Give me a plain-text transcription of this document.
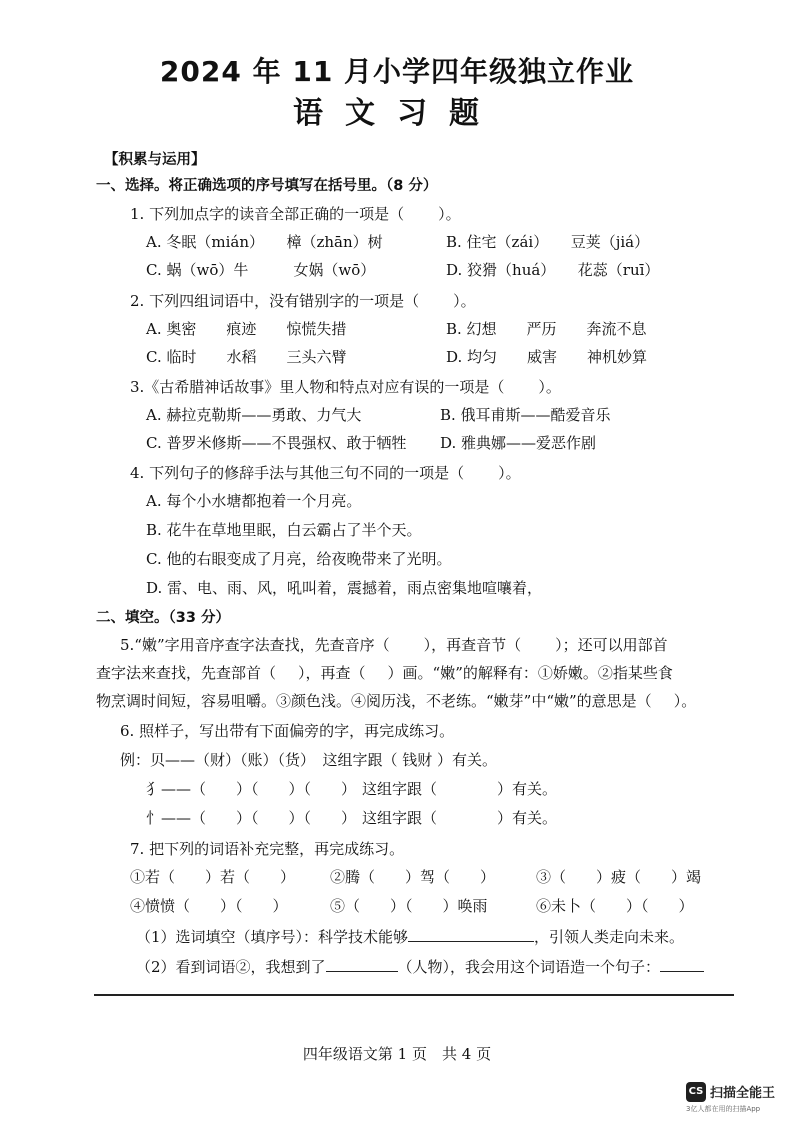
2024 年 11 月小学四年级独立作业
语文习题
【积累与运用】
一、选择。将正确选项的序号填写在括号里。（8 分）
1. 下列加点字的读音全部正确的一项是（ ）。
A. 冬眠（mián）　　樟（zhān）树	B. 住宅（zái）　　豆荚（jiá）
C. 蜗（wō）牛　　　女娲（wō）	D. 狡猾（huá）　　花蕊（ruī）
2. 下列四组词语中，没有错别字的一项是（ ）。
A. 奥密　　痕迹　　惊慌失措	B. 幻想　　严历　　奔流不息
C. 临时　　水稻　　三头六臂	D. 均匀　　威害　　神机妙算
3.《古希腊神话故事》里人物和特点对应有误的一项是（ ）。
A. 赫拉克勒斯——勇敢、力气大	B. 俄耳甫斯——酷爱音乐
C. 普罗米修斯——不畏强权、敢于牺牲 D. 雅典娜——爱恶作剧
4. 下列句子的修辞手法与其他三句不同的一项是（ ）。
A. 每个小水塘都抱着一个月亮。
B. 花牛在草地里眠，白云霸占了半个天。
C. 他的右眼变成了月亮，给夜晚带来了光明。
D. 雷、电、雨、风，吼叫着，震撼着，雨点密集地喧嚷着，
二、填空。（33 分）
5.“嫩”字用音序查字法查找，先查音序（ ），再查音节（ ）；还可以用部首
查字法来查找，先查部首（ ），再查（ ）画。“嫩”的解释有：①娇嫩。②指某些食
物烹调时间短，容易咀嚼。③颜色浅。④阅历浅，不老练。“嫩芽”中“嫩”的意思是（ ）。
6. 照样子，写出带有下面偏旁的字，再完成练习。
例：贝——（财）（账）（货）　这组字跟（ 钱财 ）有关。
犭——（　　）（　　）（　　） 这组字跟（　　　　）有关。
忄——（　　）（　　）（　　） 这组字跟（　　　　）有关。
7. 把下列的词语补充完整，再完成练习。
①若（　　）若（　　） ②腾（　　）驾（　　）	③（　　）疲（　　）竭
④愤愤（　　）（　　）	⑤（　　）（　　）唤雨	⑥未卜（　　）（　　）
（1）选词填空（填序号）：科学技术能够	，引领人类走向未来。
（2）看到词语②，我想到了	（人物），我会用这个词语造一个句子：
四年级语文第 1 页　共 4 页
CS 扫描全能王
3亿人都在用的扫描App
